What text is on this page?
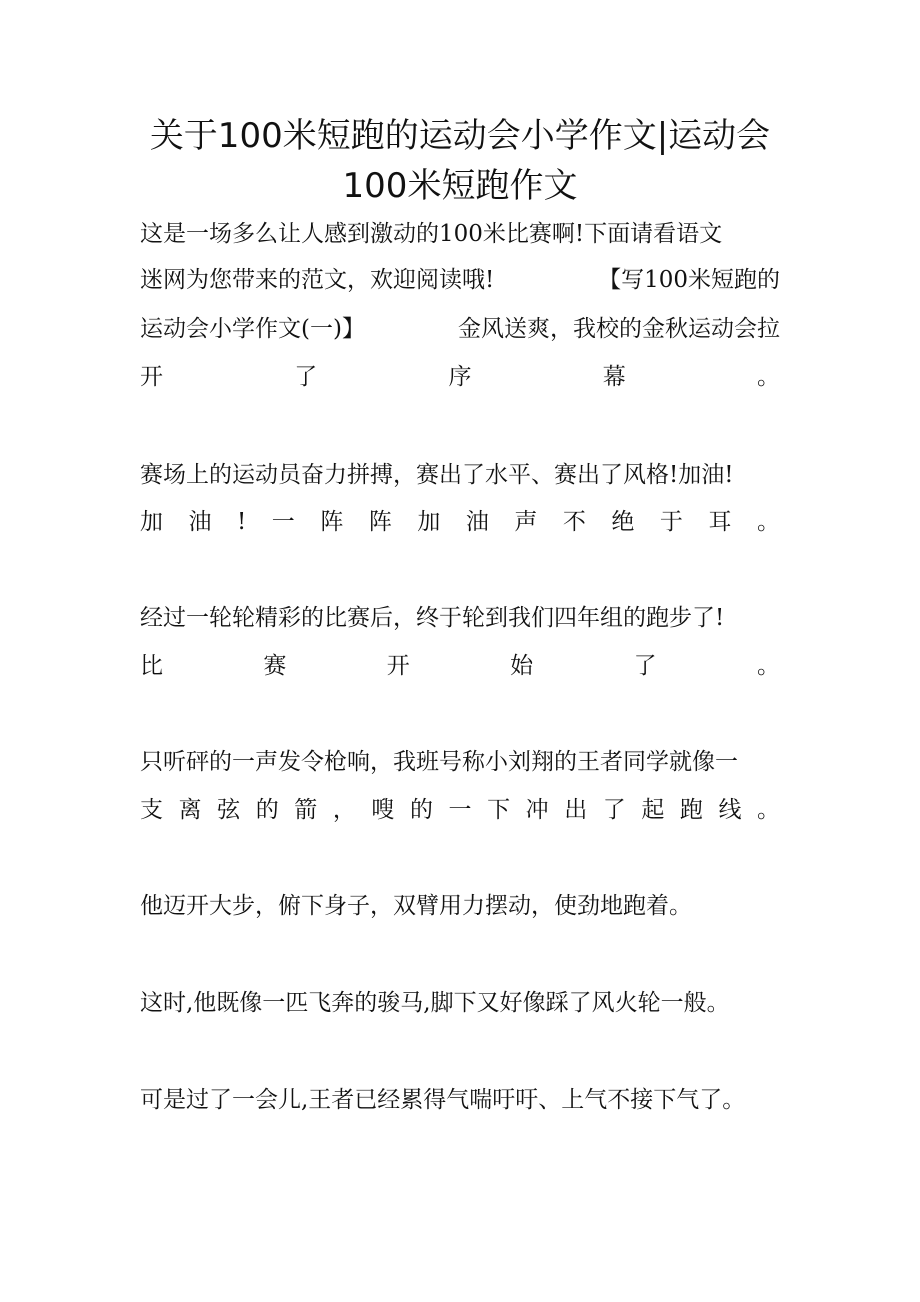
关于100米短跑的运动会小学作文|运动会
100米短跑作文
这是一场多么让人感到激动的100米比赛啊!下面请看语文
迷网为您带来的范文，欢迎阅读哦!	【写100米短跑的
运动会小学作文(一)】	金风送爽，我校的金秋运动会拉
开	了	序	幕	。
赛场上的运动员奋力拼搏，赛出了水平、赛出了风格!加油!
加 油 ! 一 阵 阵 加 油 声 不 绝 于 耳 。
经过一轮轮精彩的比赛后，终于轮到我们四年组的跑步了!
比	赛	开	始	了	。
只听砰的一声发令枪响，我班号称小刘翔的王者同学就像一
支 离 弦 的 箭 ， 嗖 的 一 下 冲 出 了 起 跑 线 。
他迈开大步，俯下身子，双臂用力摆动，使劲地跑着。
这时,他既像一匹飞奔的骏马,脚下又好像踩了风火轮一般。
可是过了一会儿,王者已经累得气喘吁吁、上气不接下气了。
